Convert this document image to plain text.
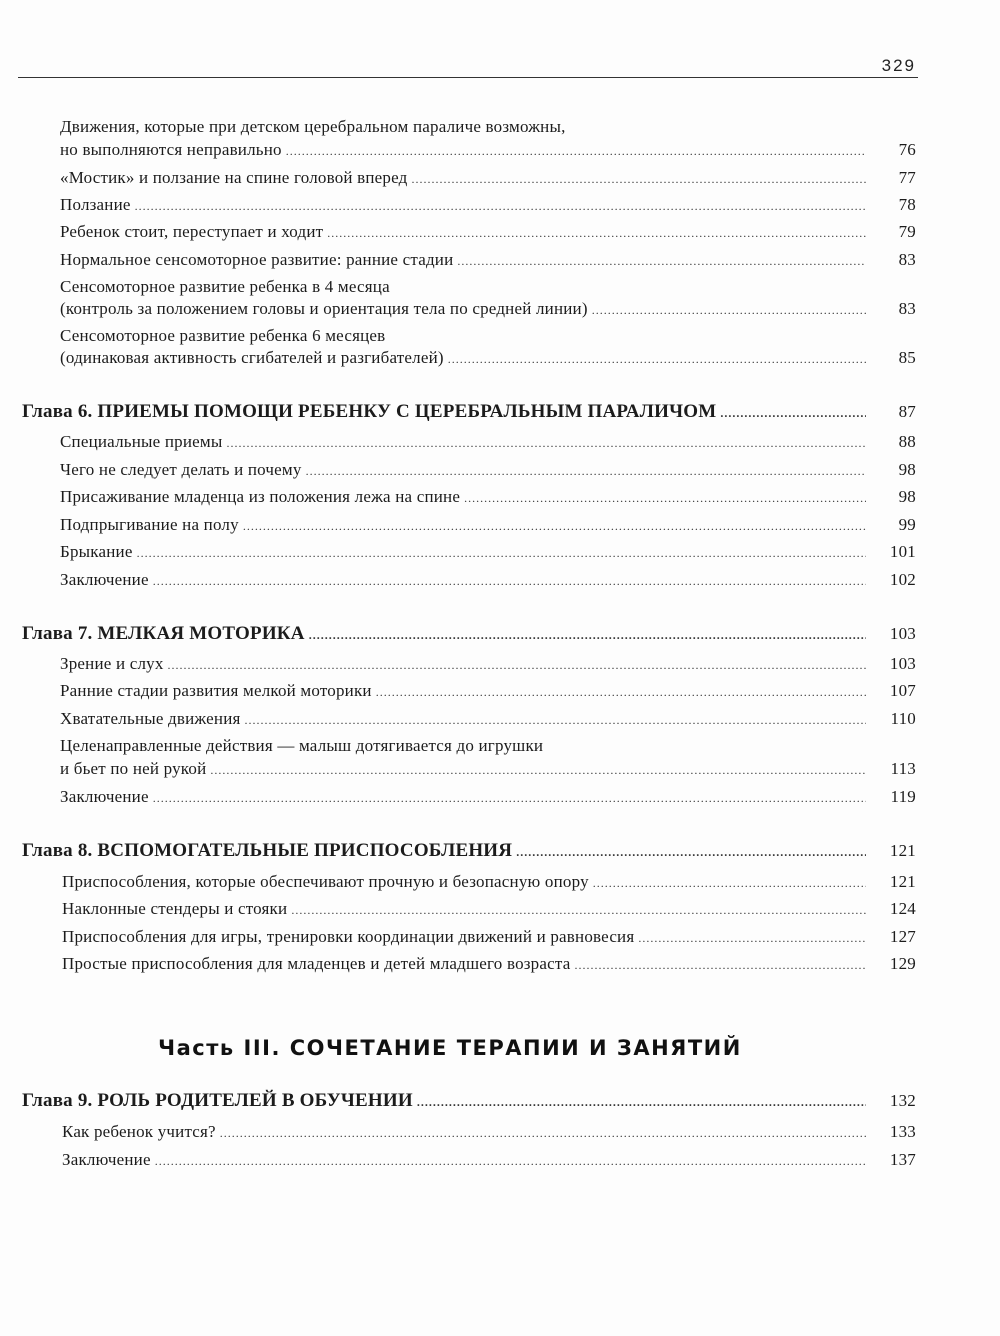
329
Движения, которые при детском церебральном параличе возможны,
но выполняются неправильно .....	76
«Мостик» и ползание на спине головой вперед .....	77
Ползание .....	78
Ребенок стоит, переступает и ходит .....	79
Нормальное сенсомоторное развитие: ранние стадии .....	83
Сенсомоторное развитие ребенка в 4 месяца
(контроль за положением головы и ориентация тела по средней линии) .....	83
Сенсомоторное развитие ребенка 6 месяцев
(одинаковая активность сгибателей и разгибателей) .....	85
Глава 6. ПРИЕМЫ ПОМОЩИ РЕБЕНКУ С ЦЕРЕБРАЛЬНЫМ ПАРАЛИЧОМ .....	87
Специальные приемы .....	88
Чего не следует делать и почему .....	98
Присаживание младенца из положения лежа на спине .....	98
Подпрыгивание на полу .....	99
Брыкание .....	101
Заключение .....	102
Глава 7. МЕЛКАЯ МОТОРИКА .....	103
Зрение и слух .....	103
Ранние стадии развития мелкой моторики .....	107
Хватательные движения .....	110
Целенаправленные действия — малыш дотягивается до игрушки
и бьет по ней рукой .....	113
Заключение .....	119
Глава 8. ВСПОМОГАТЕЛЬНЫЕ ПРИСПОСОБЛЕНИЯ .....	121
Приспособления, которые обеспечивают прочную и безопасную опору .....	121
Наклонные стендеры и стояки .....	124
Приспособления для игры, тренировки координации движений и равновесия .....	127
Простые приспособления для младенцев и детей младшего возраста .....	129
Часть III. СОЧЕТАНИЕ ТЕРАПИИ И ЗАНЯТИЙ
Глава 9. РОЛЬ РОДИТЕЛЕЙ В ОБУЧЕНИИ .....	132
Как ребенок учится? .....	133
Заключение .....	137
